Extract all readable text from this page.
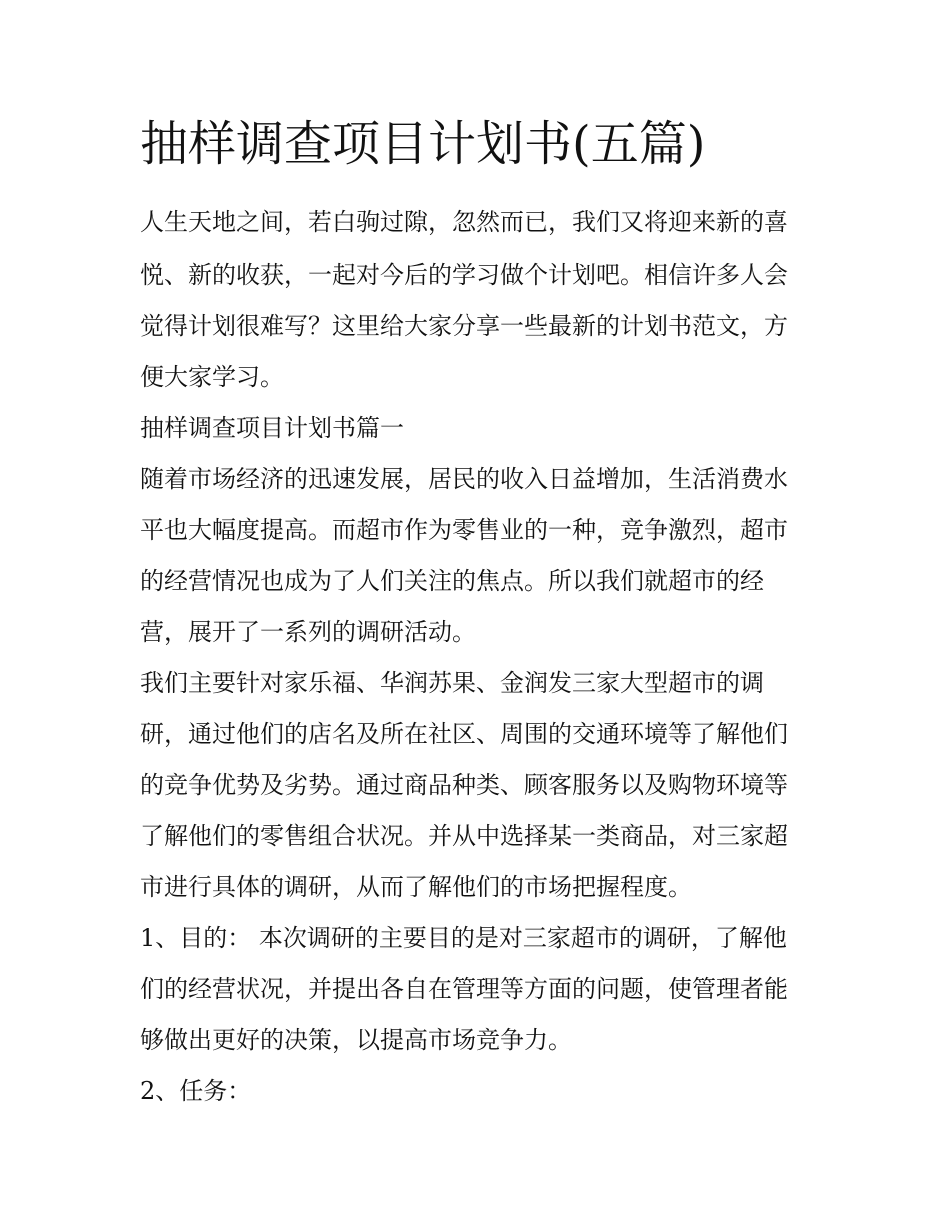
抽样调查项目计划书(五篇)

人生天地之间，若白驹过隙，忽然而已，我们又将迎来新的喜

悦、新的收获，一起对今后的学习做个计划吧。相信许多人会

觉得计划很难写？这里给大家分享一些最新的计划书范文，方

便大家学习。

抽样调查项目计划书篇一

随着市场经济的迅速发展，居民的收入日益增加，生活消费水

平也大幅度提高。而超市作为零售业的一种，竞争激烈，超市

的经营情况也成为了人们关注的焦点。所以我们就超市的经

营，展开了一系列的调研活动。

我们主要针对家乐福、华润苏果、金润发三家大型超市的调

研，通过他们的店名及所在社区、周围的交通环境等了解他们

的竞争优势及劣势。通过商品种类、顾客服务以及购物环境等

了解他们的零售组合状况。并从中选择某一类商品，对三家超

市进行具体的调研，从而了解他们的市场把握程度。

1、目的： 本次调研的主要目的是对三家超市的调研，了解他

们的经营状况，并提出各自在管理等方面的问题，使管理者能

够做出更好的决策，以提高市场竞争力。

2、任务：
